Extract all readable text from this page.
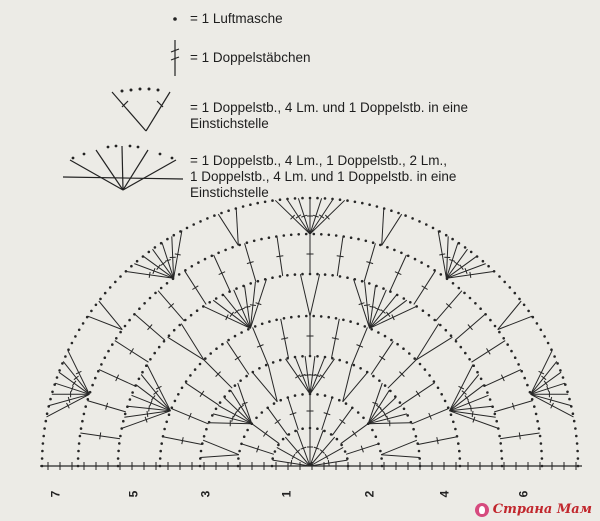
= 1 Luftmasche
= 1 Doppelstäbchen
= 1 Doppelstb., 4 Lm. und 1 Doppelstb. in eine
Einstichstelle
= 1 Doppelstb., 4 Lm., 1 Doppelstb., 2 Lm.,
1 Doppelstb., 4 Lm. und 1 Doppelstb. in eine
Einstichstelle
7	5	3	1	2	4	6
Страна Мам
